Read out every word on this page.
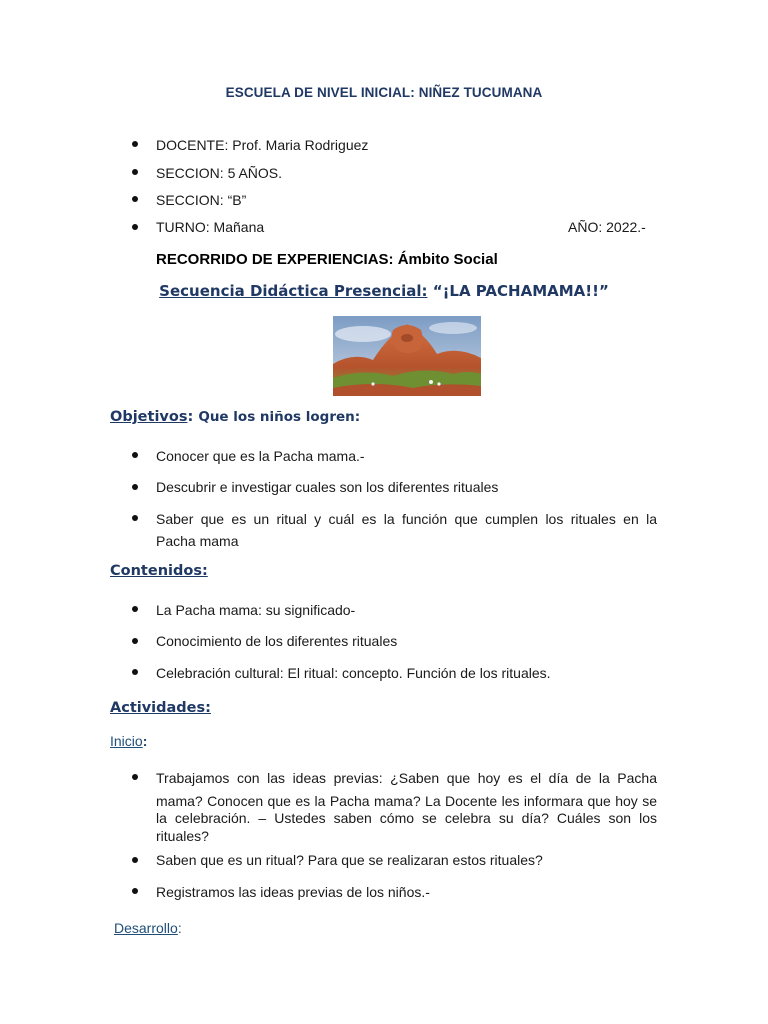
ESCUELA DE NIVEL INICIAL: NIÑEZ TUCUMANA
DOCENTE: Prof. Maria Rodriguez
SECCION: 5 AÑOS.
SECCION: “B”
TURNO: Mañana	AÑO: 2022.-
RECORRIDO DE EXPERIENCIAS: Ámbito Social
Secuencia Didáctica Presencial: “¡LA PACHAMAMA!!”
Objetivos: Que los niños logren:
Conocer que es la Pacha mama.-
Descubrir e investigar cuales son los diferentes rituales
Saber que es un ritual y cuál es la función que cumplen los rituales en la
Pacha mama
Contenidos:
La Pacha mama: su significado-
Conocimiento de los diferentes rituales
Celebración cultural: El ritual: concepto. Función de los rituales.
Actividades:
Inicio:
Trabajamos con las ideas previas: ¿Saben que hoy es el día de la Pacha
mama? Conocen que es la Pacha mama? La Docente les informara que hoy se
la celebración. – Ustedes saben cómo se celebra su día? Cuáles son los
rituales?
Saben que es un ritual? Para que se realizaran estos rituales?
Registramos las ideas previas de los niños.-
Desarrollo:
